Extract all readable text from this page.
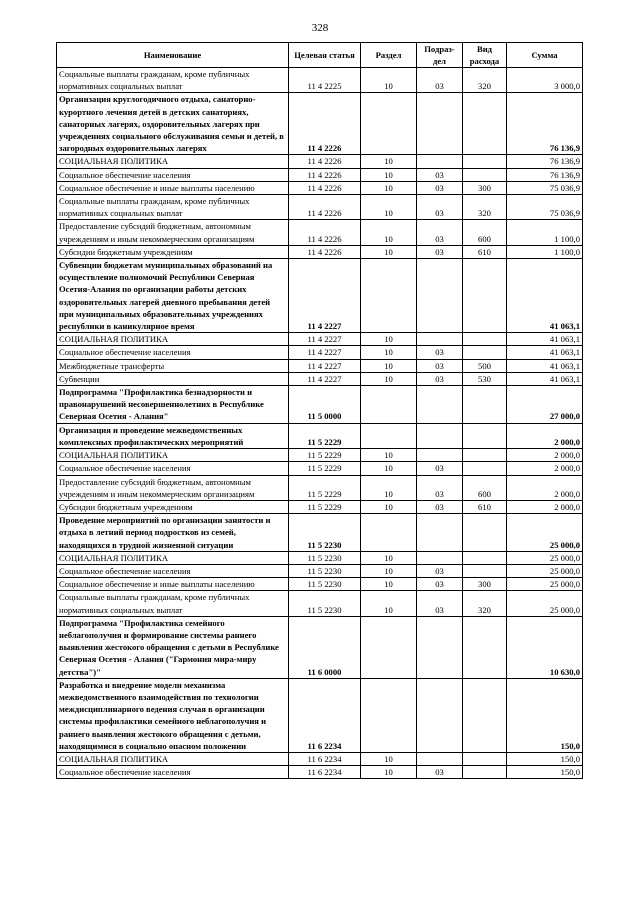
328
Наименование	Целевая статья	Раздел	Подраз-дел	Вид расхода	Сумма
Социальные выплаты гражданам, кроме публичных нормативных социальных выплат	11 4 2225	10	03	320	3 000,0
Организация круглогодичного отдыха, санаторно-курортного лечения детей в детских санаториях, санаторных лагерях, оздоровительных лагерях при учреждениях социального обслуживания семьи и детей, в загородных оздоровительных лагерях	11 4 2226				76 136,9
СОЦИАЛЬНАЯ ПОЛИТИКА	11 4 2226	10			76 136,9
Социальное обеспечение населения	11 4 2226	10	03		76 136,9
Социальное обеспечение и иные выплаты населению	11 4 2226	10	03	300	75 036,9
Социальные выплаты гражданам, кроме публичных нормативных социальных выплат	11 4 2226	10	03	320	75 036,9
Предоставление субсидий бюджетным, автономным учреждениям и иным некоммерческим организациям	11 4 2226	10	03	600	1 100,0
Субсидии бюджетным учреждениям	11 4 2226	10	03	610	1 100,0
Субвенции бюджетам муниципальных образований на осуществление полномочий Республики Северная Осетия-Алания по организации работы детских оздоровительных лагерей дневного пребывания детей при муниципальных образовательных учреждениях республики в каникулярное время	11 4 2227				41 063,1
СОЦИАЛЬНАЯ ПОЛИТИКА	11 4 2227	10			41 063,1
Социальное обеспечение населения	11 4 2227	10	03		41 063,1
Межбюджетные трансферты	11 4 2227	10	03	500	41 063,1
Субвенции	11 4 2227	10	03	530	41 063,1
Подпрограмма "Профилактика безнадзорности и правонарушений несовершеннолетних в Республике Северная Осетия - Алания"	11 5 0000				27 000,0
Организация и проведение межведомственных комплексных профилактических мероприятий	11 5 2229				2 000,0
СОЦИАЛЬНАЯ ПОЛИТИКА	11 5 2229	10			2 000,0
Социальное обеспечение населения	11 5 2229	10	03		2 000,0
Предоставление субсидий бюджетным, автономным учреждениям и иным некоммерческим организациям	11 5 2229	10	03	600	2 000,0
Субсидии бюджетным учреждениям	11 5 2229	10	03	610	2 000,0
Проведение мероприятий по организации занятости и отдыха в летний период подростков из семей, находящихся в трудной жизненной ситуации	11 5 2230				25 000,0
СОЦИАЛЬНАЯ ПОЛИТИКА	11 5 2230	10			25 000,0
Социальное обеспечение населения	11 5 2230	10	03		25 000,0
Социальное обеспечение и иные выплаты населению	11 5 2230	10	03	300	25 000,0
Социальные выплаты гражданам, кроме публичных нормативных социальных выплат	11 5 2230	10	03	320	25 000,0
Подпрограмма "Профилактика семейного неблагополучия и формирование системы раннего выявления жестокого обращения с детьми в Республике Северная Осетия - Алания ("Гармония мира-миру детства")"	11 6 0000				10 630,0
Разработка и внедрение модели механизма межведомственного взаимодействия по технологии междисциплинарного ведения случая в организации системы профилактики семейного неблагополучия и раннего выявления жестокого обращения с детьми, находящимися в социально опасном положении	11 6 2234				150,0
СОЦИАЛЬНАЯ ПОЛИТИКА	11 6 2234	10			150,0
Социальное обеспечение населения	11 6 2234	10	03		150,0
